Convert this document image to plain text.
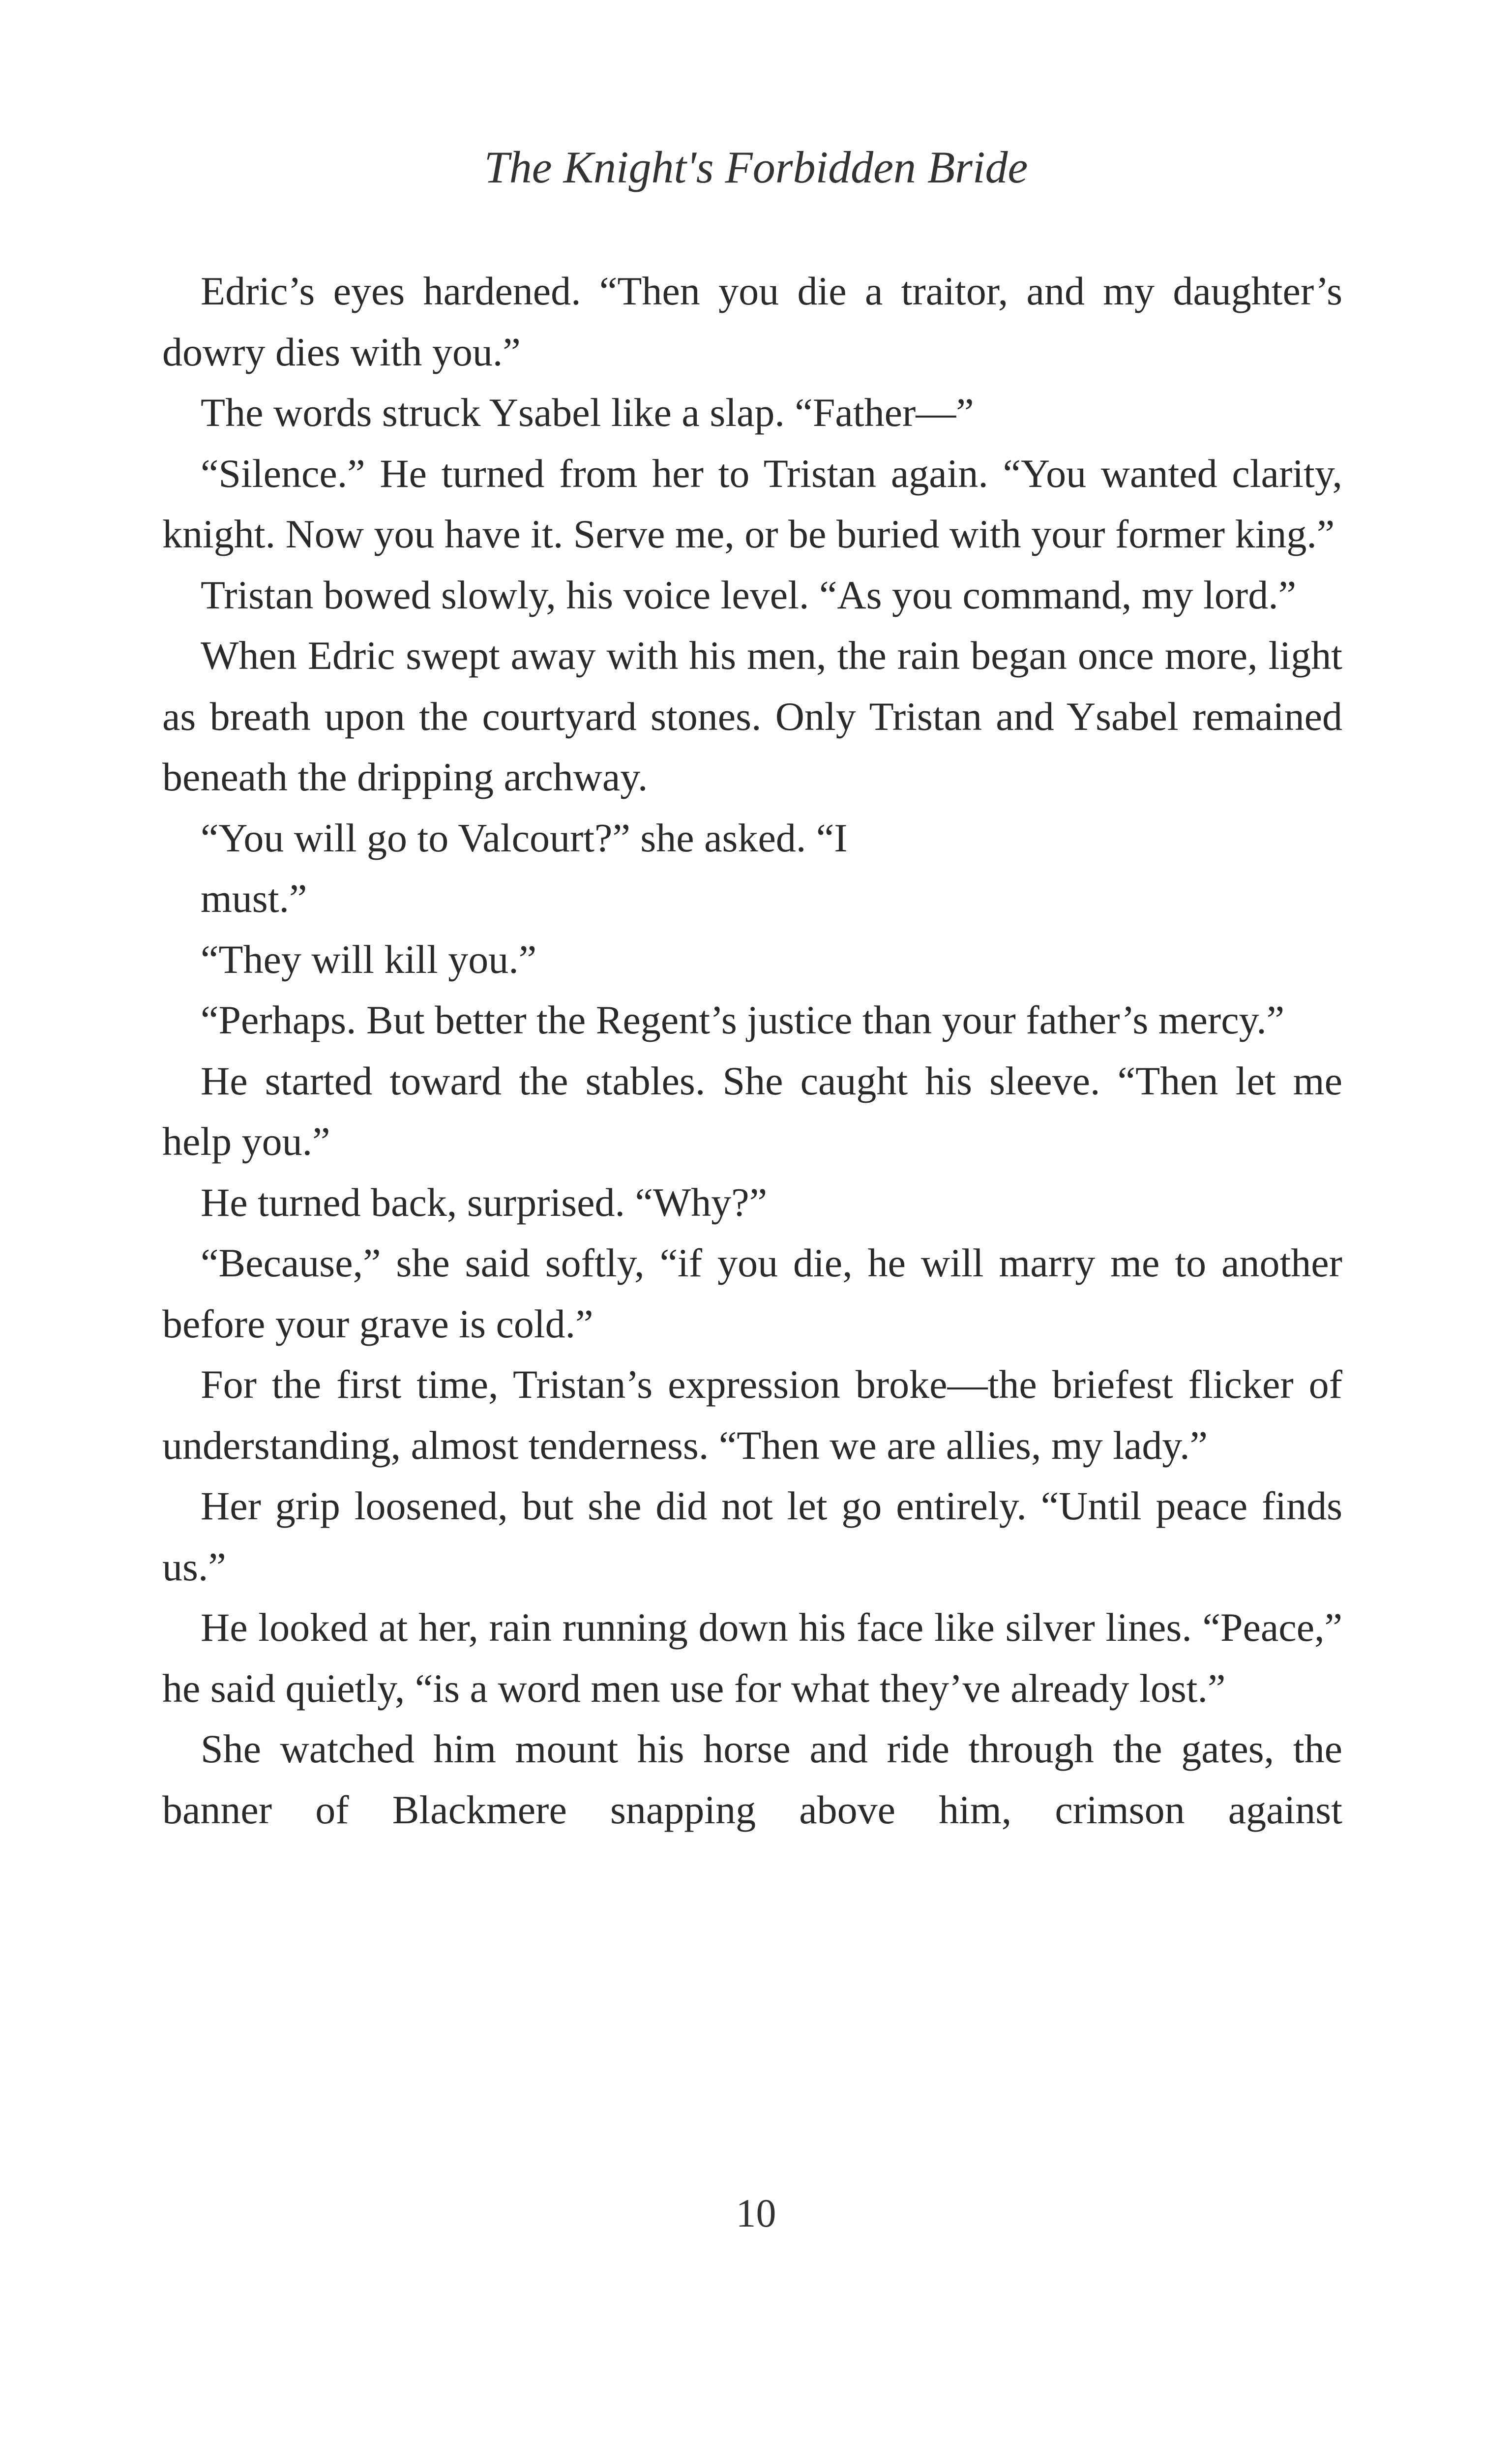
The Knight's Forbidden Bride

Edric’s eyes hardened. “Then you die a traitor, and my daughter’s dowry dies with you.”

The words struck Ysabel like a slap. “Father—”

“Silence.” He turned from her to Tristan again. “You wanted clarity, knight. Now you have it. Serve me, or be buried with your former king.”

Tristan bowed slowly, his voice level. “As you command, my lord.”

When Edric swept away with his men, the rain began once more, light as breath upon the courtyard stones. Only Tristan and Ysabel remained beneath the dripping archway.

“You will go to Valcourt?” she asked. “I

must.”

“They will kill you.”

“Perhaps. But better the Regent’s justice than your father’s mercy.”

He started toward the stables. She caught his sleeve. “Then let me help you.”

He turned back, surprised. “Why?”

“Because,” she said softly, “if you die, he will marry me to another before your grave is cold.”

For the first time, Tristan’s expression broke—the briefest flicker of understanding, almost tenderness. “Then we are allies, my lady.”

Her grip loosened, but she did not let go entirely. “Until peace finds us.”

He looked at her, rain running down his face like silver lines. “Peace,” he said quietly, “is a word men use for what they’ve already lost.”

She watched him mount his horse and ride through the gates, the banner of Blackmere snapping above him, crimson against

10
